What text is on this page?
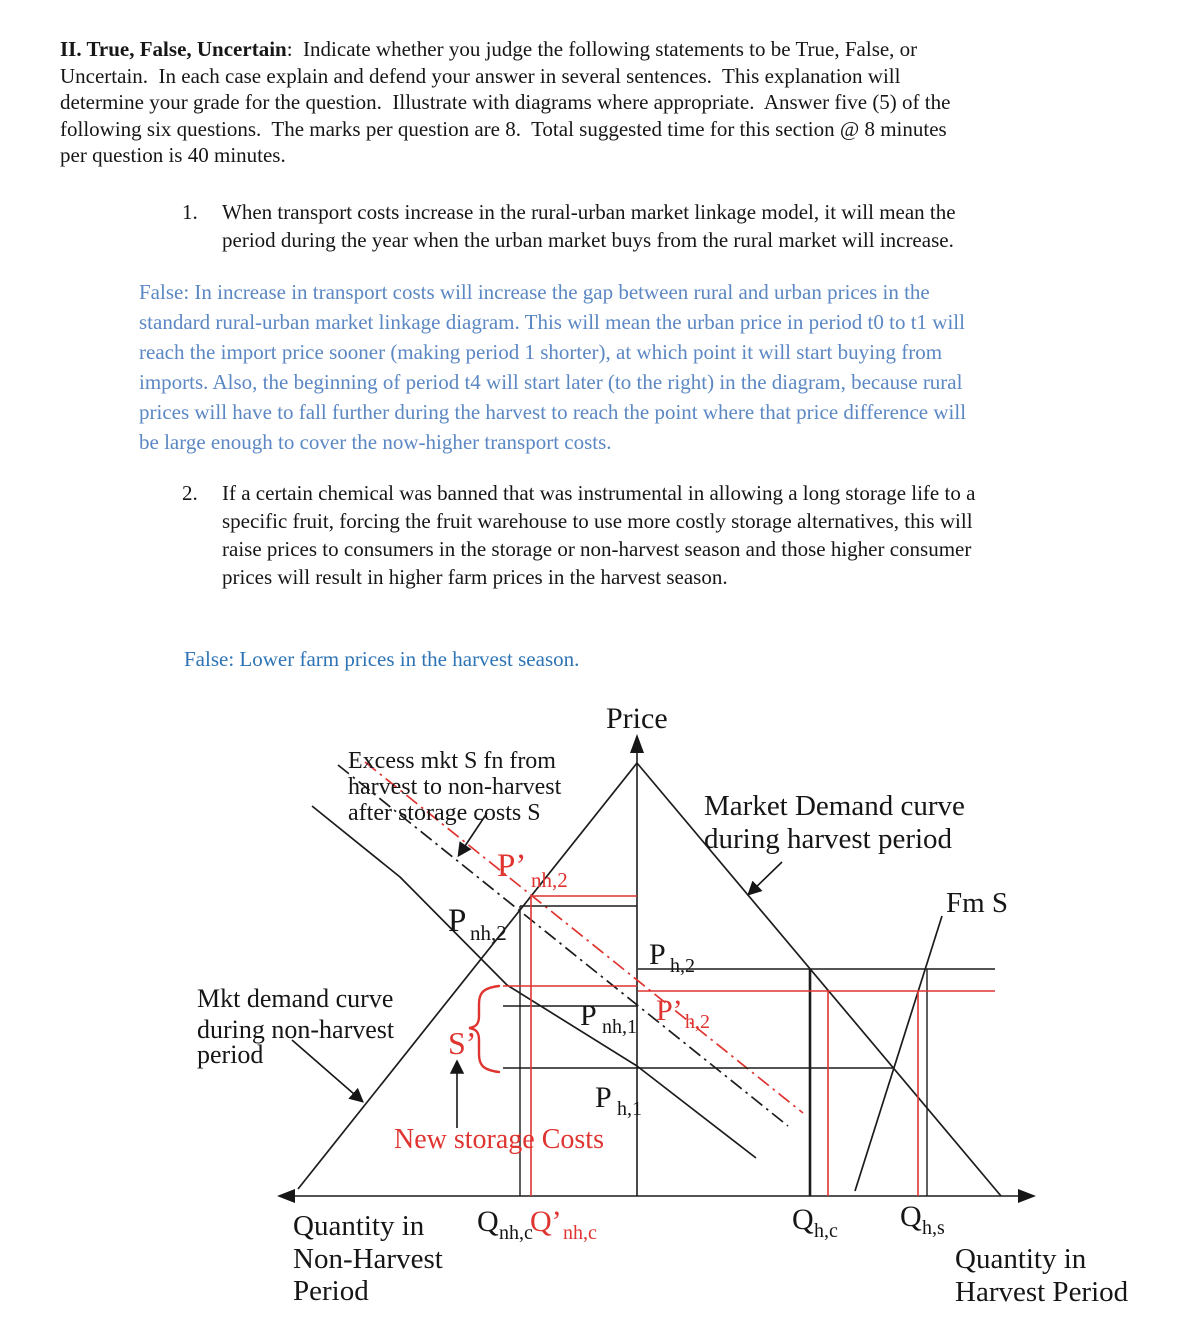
II. True, False, Uncertain:  Indicate whether you judge the following statements to be True, False, or
Uncertain.  In each case explain and defend your answer in several sentences.  This explanation will
determine your grade for the question.  Illustrate with diagrams where appropriate.  Answer five (5) of the
following six questions.  The marks per question are 8.  Total suggested time for this section @ 8 minutes
per question is 40 minutes.
1. When transport costs increase in the rural-urban market linkage model, it will mean the
period during the year when the urban market buys from the rural market will increase.
False: In increase in transport costs will increase the gap between rural and urban prices in the
standard rural-urban market linkage diagram. This will mean the urban price in period t0 to t1 will
reach the import price sooner (making period 1 shorter), at which point it will start buying from
imports. Also, the beginning of period t4 will start later (to the right) in the diagram, because rural
prices will have to fall further during the harvest to reach the point where that price difference will
be large enough to cover the now-higher transport costs.
2. If a certain chemical was banned that was instrumental in allowing a long storage life to a
specific fruit, forcing the fruit warehouse to use more costly storage alternatives, this will
raise prices to consumers in the storage or non-harvest season and those higher consumer
prices will result in higher farm prices in the harvest season.
False: Lower farm prices in the harvest season.
Price
Excess mkt S fn from
harvest to non-harvest
after storage costs S	Market Demand curve
during harvest period
Fm S
Mkt demand curve
during non-harvest
period
P nh,2
P’ nh,2
P h,2
P’ h,2
P nh,1
P h,1
S’
New storage Costs
Quantity in
Non-Harvest
Period
Q nh,c
Q’ nh,c	Q h,c Q h,s
Quantity in
Harvest Period
